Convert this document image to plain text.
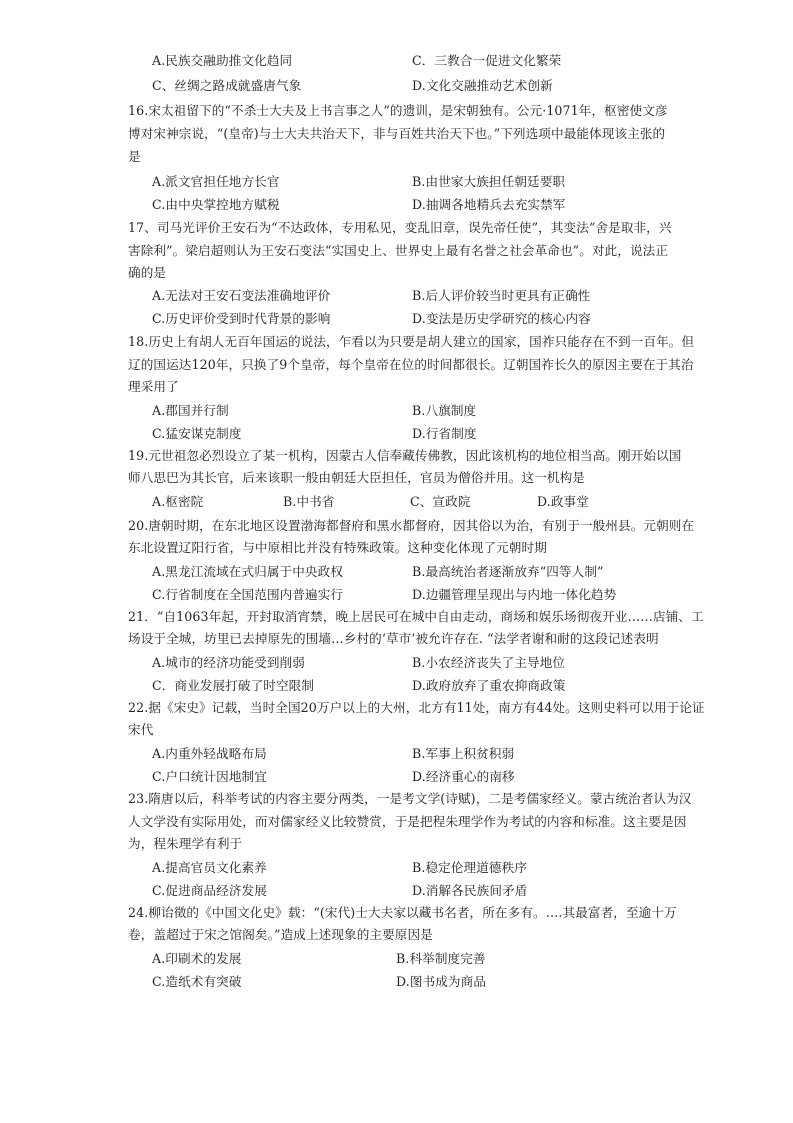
A.民族交融助推文化趋同	C．三教合一促进文化繁荣
C、丝绸之路成就盛唐气象	D.文化交融推动艺术创新
16.宋太祖留下的“不杀士大夫及上书言事之人”的遗训，是宋朝独有。公元·1071年，枢密使文彦
博对宋神宗说，“(皇帝)与士大夫共治天下，非与百姓共治天下也。”下列选项中最能体现该主张的
是
A.派文官担任地方长官	B.由世家大族担任朝廷要职
C.由中央掌控地方赋税	D.抽调各地精兵去充实禁军
17、司马光评价王安石为“不达政体，专用私见，变乱旧章，误先帝任使”，其变法“舍是取非，兴
害除利”。梁启超则认为王安石变法“实国史上、世界史上最有名誉之社会革命也”。对此，说法正
确的是
A.无法对王安石变法准确地评价	B.后人评价较当时更具有正确性
C.历史评价受到时代背景的影响	D.变法是历史学研究的核心内容
18.历史上有胡人无百年国运的说法，乍看以为只要是胡人建立的国家，国祚只能存在不到一百年。但
辽的国运达120年，只换了9个皇帝，每个皇帝在位的时间都很长。辽朝国祚长久的原因主要在于其治
理采用了
A.郡国并行制	B.八旗制度
C.猛安谋克制度	D.行省制度
19.元世祖忽必烈设立了某一机构，因蒙古人信奉藏传佛教，因此该机构的地位相当高。刚开始以国
师八思巴为其长官，后来该职一般由朝廷大臣担任，官员为僧俗并用。这一机构是
A.枢密院	B.中书省	C、宣政院	D.政事堂
20.唐朝时期，在东北地区设置渤海都督府和黑水都督府，因其俗以为治，有别于一般州县。元朝则在
东北设置辽阳行省，与中原相比并没有特殊政策。这种变化体现了元朝时期
A.黑龙江流域在式归属于中央政权	B.最高统治者逐渐放弃“四等人制”
C.行省制度在全国范围内普遍实行	D.边疆管理呈现出与内地一体化趋势
21．“自1063年起，开封取消宵禁，晚上居民可在城中自由走动，商场和娱乐场彻夜开业……店铺、工
场设于全城，坊里已去掉原先的围墙…乡村的‘草市’被允许存在. “法学者谢和耐的这段记述表明
A.城市的经济功能受到削弱	B.小农经济丧失了主导地位
C．商业发展打破了时空限制	D.政府放弃了重农抑商政策
22.据《宋史》记载，当时全国20万户以上的大州，北方有11处，南方有44处。这则史料可以用于论证
宋代
A.内重外轻战略布局	B.军事上积贫积弱
C.户口统计因地制宜	D.经济重心的南移
23.隋唐以后，科举考试的内容主要分两类，一是考文学(诗赋)，二是考儒家经义。蒙古统治者认为汉
人文学没有实际用处，而对儒家经义比较赞赏，于是把程朱理学作为考试的内容和标准。这主要是因
为，程朱理学有利于
A.提高官员文化素养	B.稳定伦理道德秩序
C.促进商品经济发展	D.消解各民族间矛盾
24.柳诒徵的《中国文化史》载：“(宋代)士大夫家以藏书名者，所在多有。….其最富者，至逾十万
卷，盖超过于宋之馆阁矣。”造成上述现象的主要原因是
A.印刷术的发展	B.科举制度完善
C.造纸术有突破	D.图书成为商品
